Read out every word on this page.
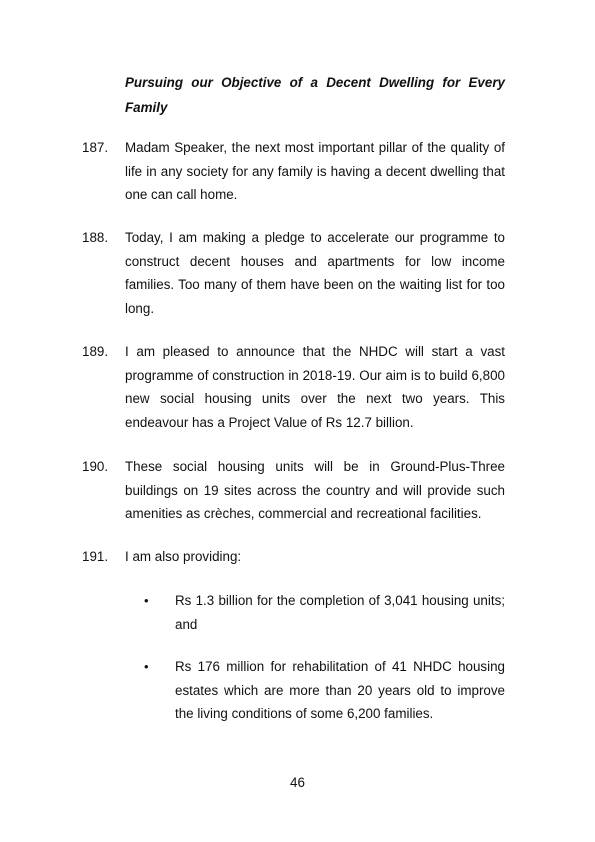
Pursuing our Objective of a Decent Dwelling for Every Family
187.	Madam Speaker, the next most important pillar of the quality of life in any society for any family is having a decent dwelling that one can call home.
188.	Today, I am making a pledge to accelerate our programme to construct decent houses and apartments for low income families. Too many of them have been on the waiting list for too long.
189.	I am pleased to announce that the NHDC will start a vast programme of construction in 2018-19. Our aim is to build 6,800 new social housing units over the next two years. This endeavour has a Project Value of Rs 12.7 billion.
190.	These social housing units will be in Ground-Plus-Three buildings on 19 sites across the country and will provide such amenities as crèches, commercial and recreational facilities.
191.	I am also providing:
•	Rs 1.3 billion for the completion of 3,041 housing units; and
•	Rs 176 million for rehabilitation of 41 NHDC housing estates which are more than 20 years old to improve the living conditions of some 6,200 families.
46
